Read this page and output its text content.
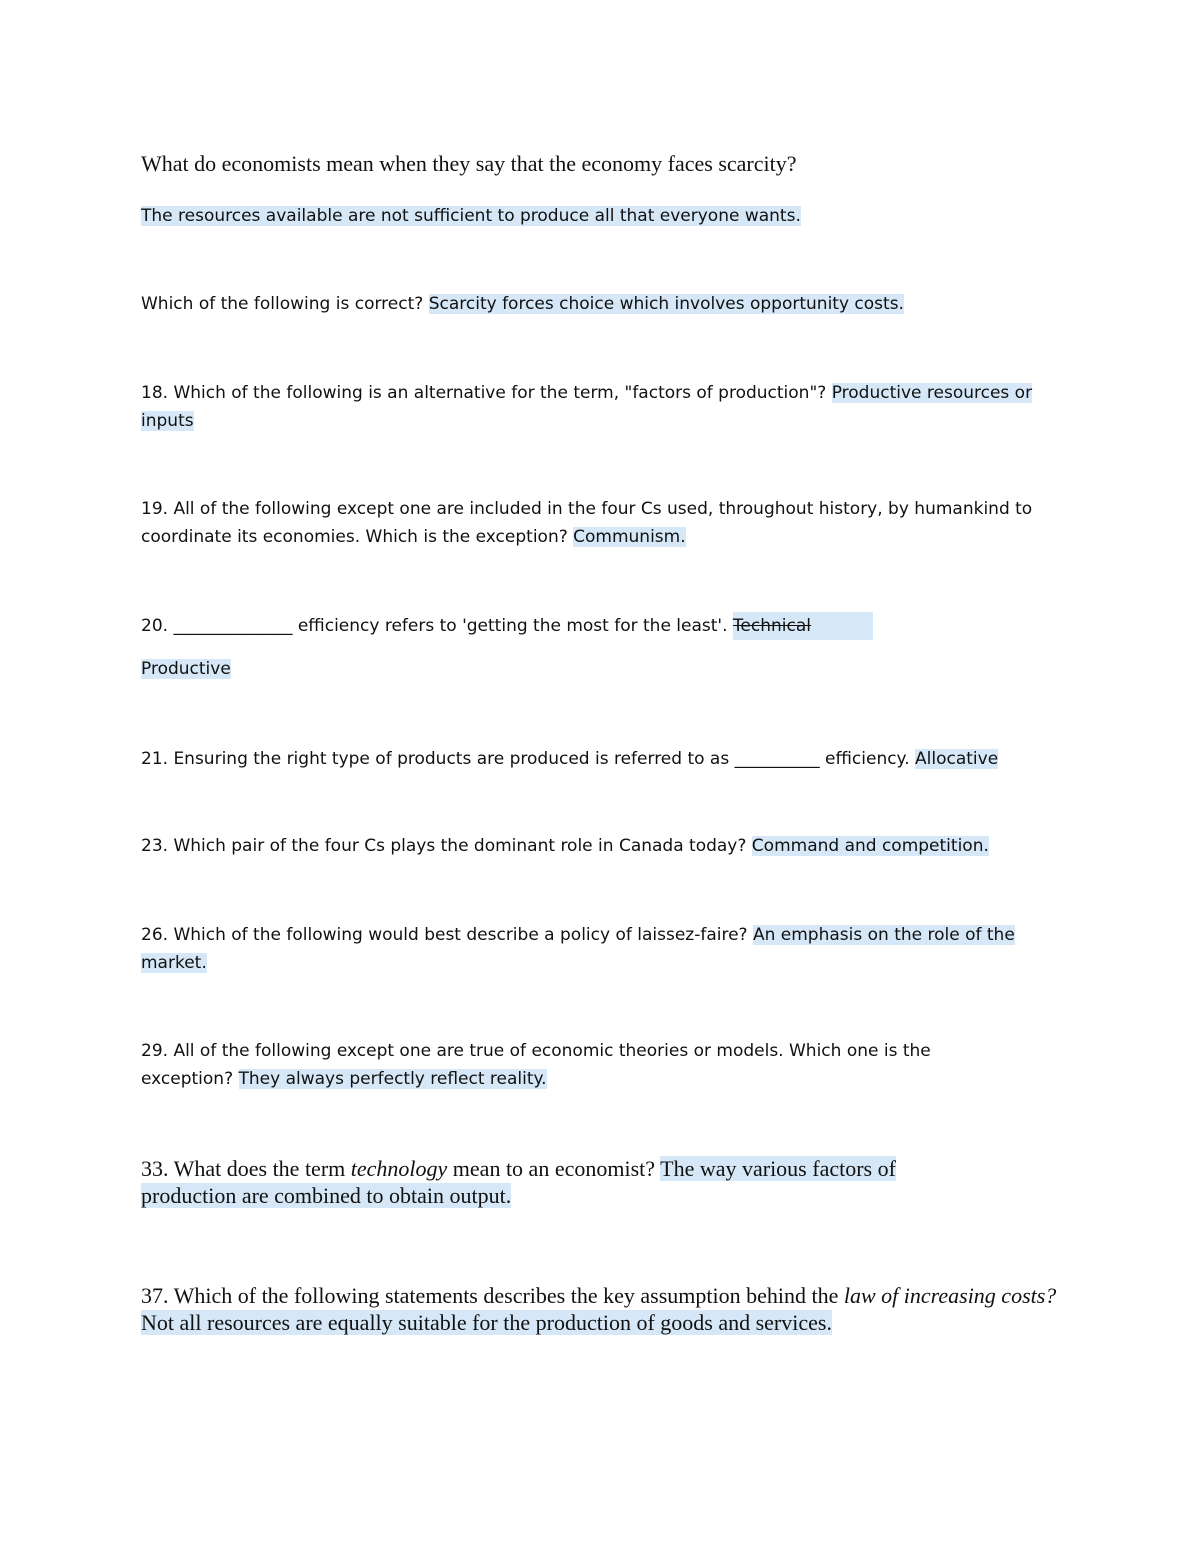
What do economists mean when they say that the economy faces scarcity?
The resources available are not sufficient to produce all that everyone wants.
Which of the following is correct? Scarcity forces choice which involves opportunity costs.
18. Which of the following is an alternative for the term, "factors of production"? Productive resources or inputs
19. All of the following except one are included in the four Cs used, throughout history, by humankind to coordinate its economies. Which is the exception? Communism.
20. ______________ efficiency refers to 'getting the most for the least'. Technical
Productive
21. Ensuring the right type of products are produced is referred to as __________ efficiency. Allocative
23. Which pair of the four Cs plays the dominant role in Canada today? Command and competition.
26. Which of the following would best describe a policy of laissez-faire? An emphasis on the role of the market.
29. All of the following except one are true of economic theories or models. Which one is the exception? They always perfectly reflect reality.
33. What does the term technology mean to an economist? The way various factors of production are combined to obtain output.
37. Which of the following statements describes the key assumption behind the law of increasing costs? Not all resources are equally suitable for the production of goods and services.
